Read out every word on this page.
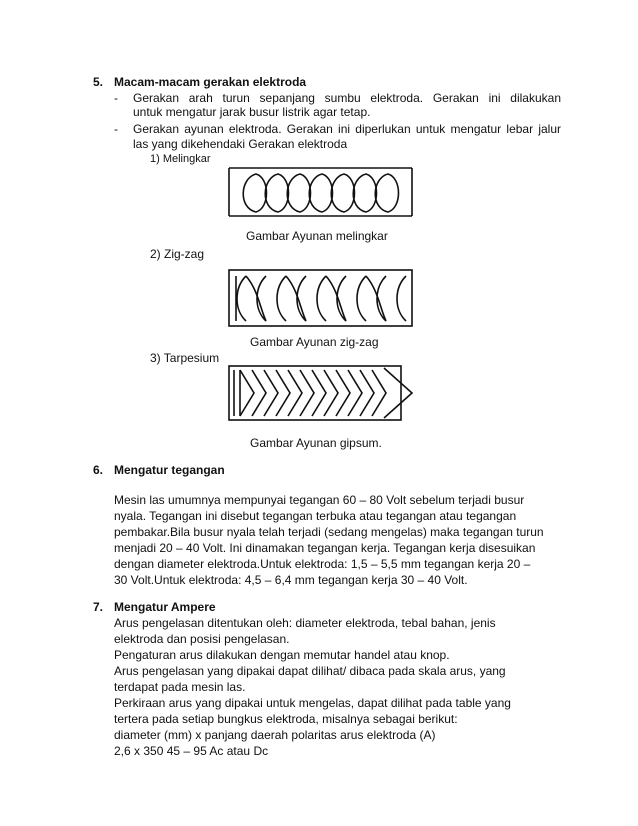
5. Macam-macam gerakan elektroda
- Gerakan arah turun sepanjang sumbu elektroda. Gerakan ini dilakukan
untuk mengatur jarak busur listrik agar tetap.
- Gerakan ayunan elektroda. Gerakan ini diperlukan untuk mengatur lebar jalur
las yang dikehendaki Gerakan elektroda
1) Melingkar
Gambar Ayunan melingkar
2) Zig-zag
Gambar Ayunan zig-zag
3) Tarpesium
Gambar Ayunan gipsum.
6. Mengatur tegangan
Mesin las umumnya mempunyai tegangan 60 – 80 Volt sebelum terjadi busur
nyala. Tegangan ini disebut tegangan terbuka atau tegangan atau tegangan
pembakar.Bila busur nyala telah terjadi (sedang mengelas) maka tegangan turun
menjadi 20 – 40 Volt. Ini dinamakan tegangan kerja. Tegangan kerja disesuikan
dengan diameter elektroda.Untuk elektroda: 1,5 – 5,5 mm tegangan kerja 20 –
30 Volt.Untuk elektroda: 4,5 – 6,4 mm tegangan kerja 30 – 40 Volt.
7. Mengatur Ampere
Arus pengelasan ditentukan oleh: diameter elektroda, tebal bahan, jenis
elektroda dan posisi pengelasan.
Pengaturan arus dilakukan dengan memutar handel atau knop.
Arus pengelasan yang dipakai dapat dilihat/ dibaca pada skala arus, yang
terdapat pada mesin las.
Perkiraan arus yang dipakai untuk mengelas, dapat dilihat pada table yang
tertera pada setiap bungkus elektroda, misalnya sebagai berikut:
diameter (mm) x panjang daerah polaritas arus elektroda (A)
2,6 x 350 45 – 95 Ac atau Dc
